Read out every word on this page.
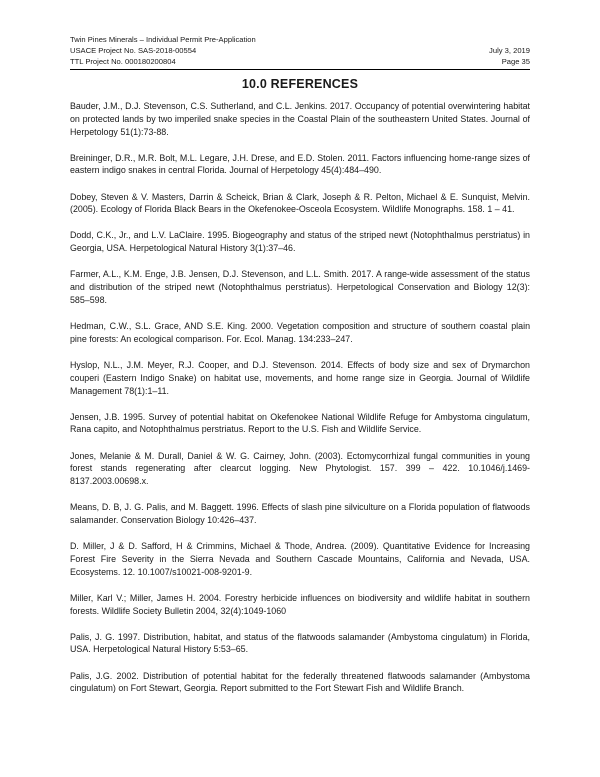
Twin Pines Minerals – Individual Permit Pre-Application
USACE Project No. SAS-2018-00554	July 3, 2019
TTL Project No. 000180200804	Page 35
10.0 REFERENCES

Bauder, J.M., D.J. Stevenson, C.S. Sutherland, and C.L. Jenkins. 2017. Occupancy of potential overwintering habitat on protected lands by two imperiled snake species in the Coastal Plain of the southeastern United States. Journal of Herpetology 51(1):73-88.

Breininger, D.R., M.R. Bolt, M.L. Legare, J.H. Drese, and E.D. Stolen. 2011. Factors influencing home-range sizes of eastern indigo snakes in central Florida. Journal of Herpetology 45(4):484–490.

Dobey, Steven & V. Masters, Darrin & Scheick, Brian & Clark, Joseph & R. Pelton, Michael & E. Sunquist, Melvin. (2005). Ecology of Florida Black Bears in the Okefenokee-Osceola Ecosystem. Wildlife Monographs. 158. 1 – 41.

Dodd, C.K., Jr., and L.V. LaClaire. 1995. Biogeography and status of the striped newt (Notophthalmus perstriatus) in Georgia, USA. Herpetological Natural History 3(1):37–46.

Farmer, A.L., K.M. Enge, J.B. Jensen, D.J. Stevenson, and L.L. Smith. 2017. A range-wide assessment of the status and distribution of the striped newt (Notophthalmus perstriatus). Herpetological Conservation and Biology 12(3): 585–598.

Hedman, C.W., S.L. Grace, AND S.E. King. 2000. Vegetation composition and structure of southern coastal plain pine forests: An ecological comparison. For. Ecol. Manag. 134:233–247.

Hyslop, N.L., J.M. Meyer, R.J. Cooper, and D.J. Stevenson. 2014. Effects of body size and sex of Drymarchon couperi (Eastern Indigo Snake) on habitat use, movements, and home range size in Georgia. Journal of Wildlife Management 78(1):1–11.

Jensen, J.B. 1995. Survey of potential habitat on Okefenokee National Wildlife Refuge for Ambystoma cingulatum, Rana capito, and Notophthalmus perstriatus. Report to the U.S. Fish and Wildlife Service.

Jones, Melanie & M. Durall, Daniel & W. G. Cairney, John. (2003). Ectomycorrhizal fungal communities in young forest stands regenerating after clearcut logging. New Phytologist. 157. 399 – 422. 10.1046/j.1469-8137.2003.00698.x.

Means, D. B, J. G. Palis, and M. Baggett. 1996. Effects of slash pine silviculture on a Florida population of flatwoods salamander. Conservation Biology 10:426–437.

D. Miller, J & D. Safford, H & Crimmins, Michael & Thode, Andrea. (2009). Quantitative Evidence for Increasing Forest Fire Severity in the Sierra Nevada and Southern Cascade Mountains, California and Nevada, USA. Ecosystems. 12. 10.1007/s10021-008-9201-9.

Miller, Karl V.; Miller, James H. 2004. Forestry herbicide influences on biodiversity and wildlife habitat in southern forests. Wildlife Society Bulletin 2004, 32(4):1049-1060

Palis, J. G. 1997. Distribution, habitat, and status of the flatwoods salamander (Ambystoma cingulatum) in Florida, USA. Herpetological Natural History 5:53–65.

Palis, J.G. 2002. Distribution of potential habitat for the federally threatened flatwoods salamander (Ambystoma cingulatum) on Fort Stewart, Georgia. Report submitted to the Fort Stewart Fish and Wildlife Branch.
